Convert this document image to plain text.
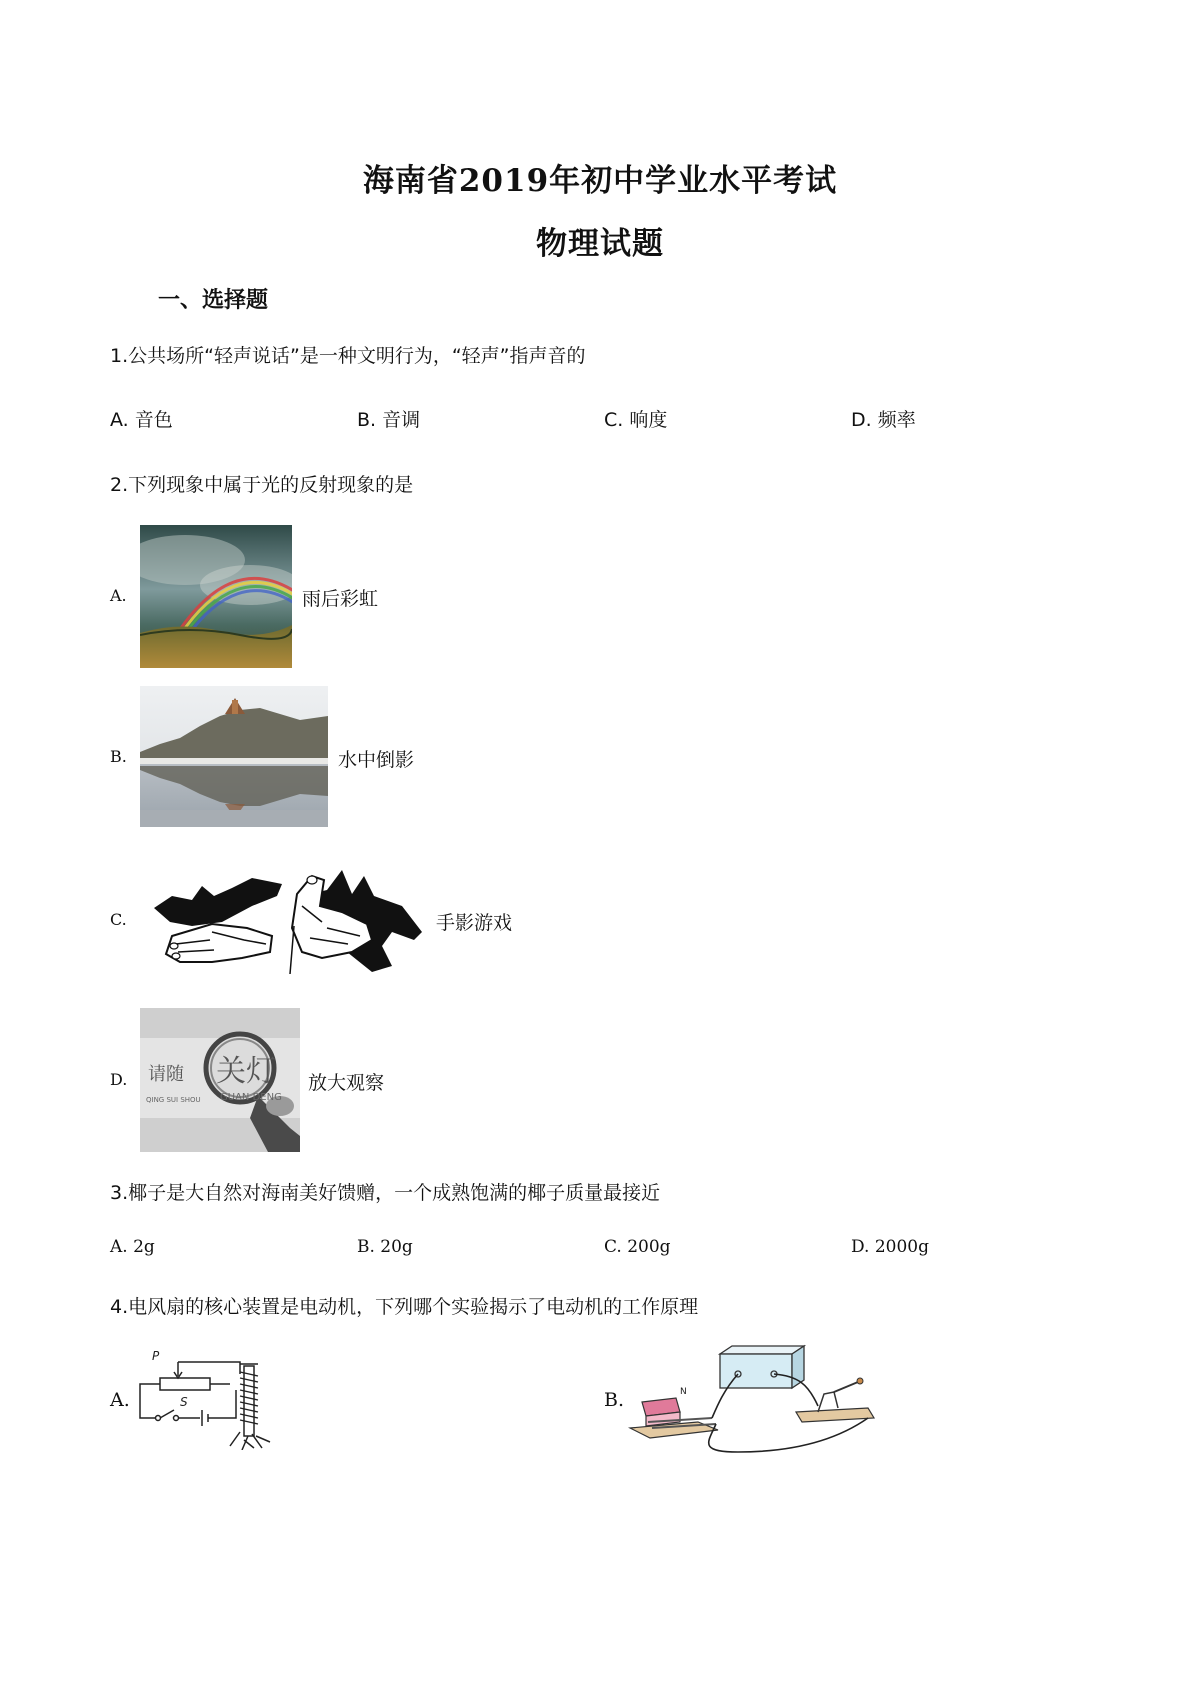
海南省2019年初中学业水平考试
物理试题
一、选择题
1.公共场所“轻声说话”是一种文明行为，“轻声”指声音的
A. 音色	B. 音调	C. 响度	D. 频率
2.下列现象中属于光的反射现象的是
A.	雨后彩虹
B.	水中倒影
C.	手影游戏
D. 请随 关灯
QING SUI SHOU GUAN DENG
放大观察
3.椰子是大自然对海南美好馈赠，一个成熟饱满的椰子质量最接近
A. 2g	B. 20g	C. 200g	D. 2000g
4.电风扇的核心装置是电动机，下列哪个实验揭示了电动机的工作原理
A.
P
S	B.	N
